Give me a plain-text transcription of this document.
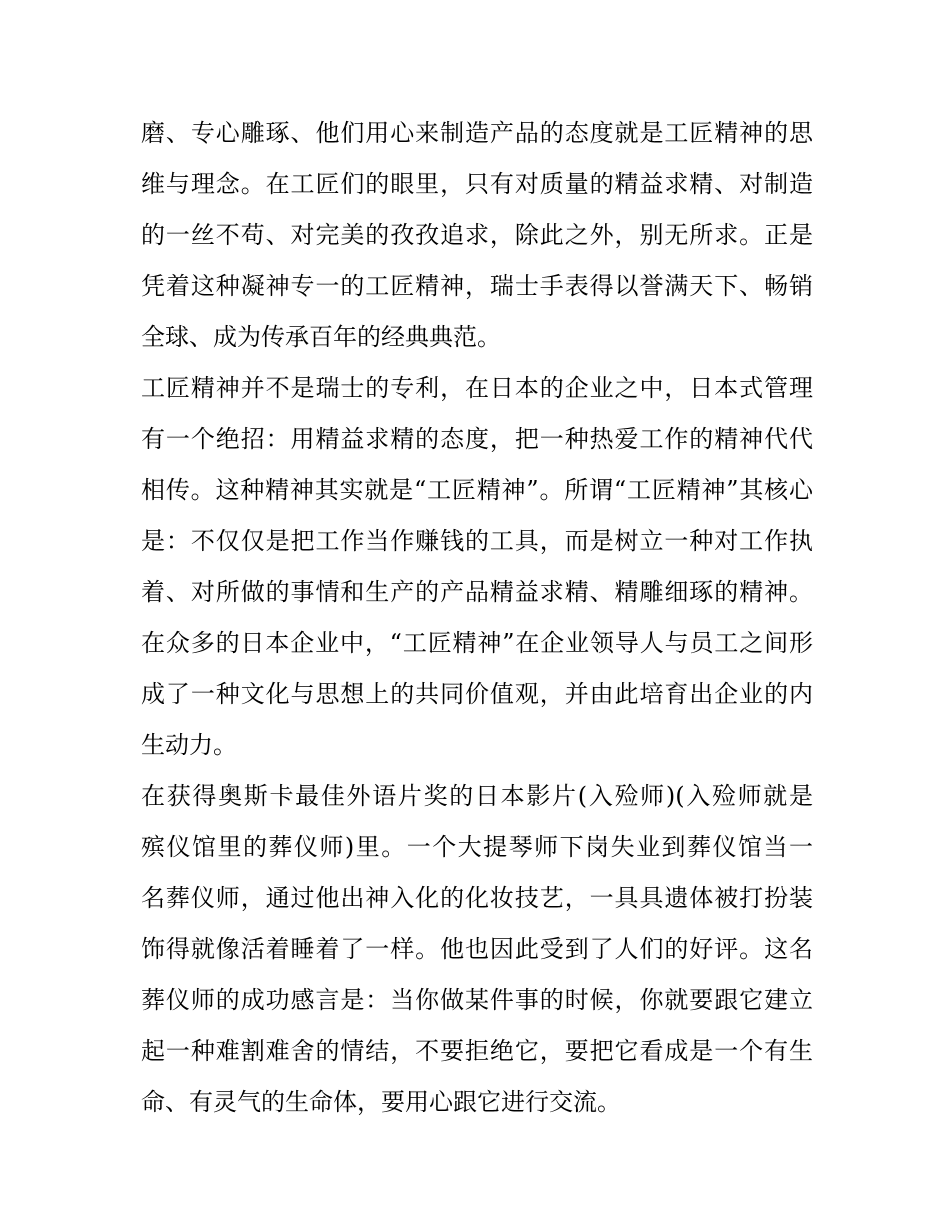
磨、专心雕琢、他们用心来制造产品的态度就是工匠精神的思
维与理念。在工匠们的眼里，只有对质量的精益求精、对制造
的一丝不苟、对完美的孜孜追求，除此之外，别无所求。正是
凭着这种凝神专一的工匠精神，瑞士手表得以誉满天下、畅销
全球、成为传承百年的经典典范。
工匠精神并不是瑞士的专利，在日本的企业之中，日本式管理
有一个绝招：用精益求精的态度，把一种热爱工作的精神代代
相传。这种精神其实就是“工匠精神”。所谓“工匠精神”其核心
是：不仅仅是把工作当作赚钱的工具，而是树立一种对工作执
着、对所做的事情和生产的产品精益求精、精雕细琢的精神。
在众多的日本企业中，“工匠精神”在企业领导人与员工之间形
成了一种文化与思想上的共同价值观，并由此培育出企业的内
生动力。
在获得奥斯卡最佳外语片奖的日本影片(入殓师)(入殓师就是
殡仪馆里的葬仪师)里。一个大提琴师下岗失业到葬仪馆当一
名葬仪师，通过他出神入化的化妆技艺，一具具遗体被打扮装
饰得就像活着睡着了一样。他也因此受到了人们的好评。这名
葬仪师的成功感言是：当你做某件事的时候，你就要跟它建立
起一种难割难舍的情结，不要拒绝它，要把它看成是一个有生
命、有灵气的生命体，要用心跟它进行交流。
